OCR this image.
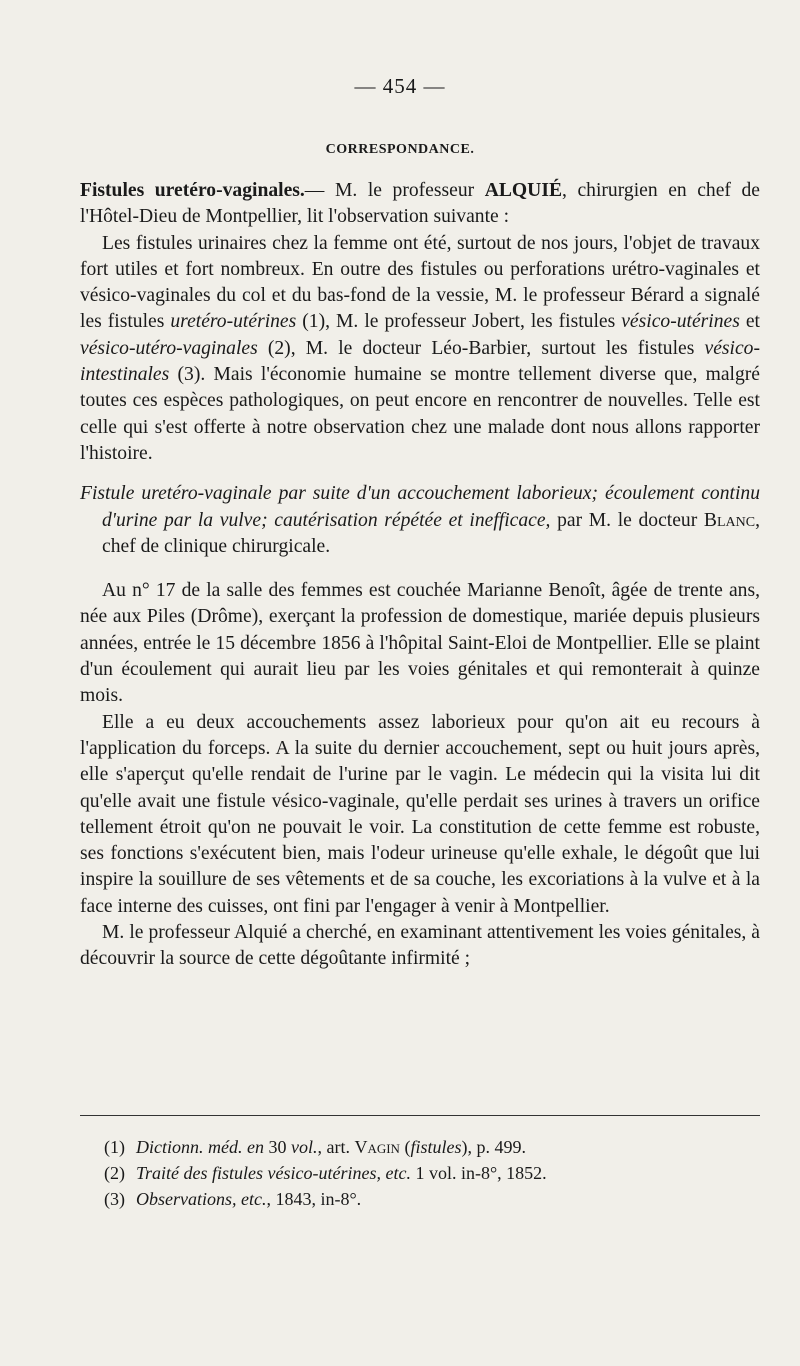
— 454 —
CORRESPONDANCE.

Fistules uretéro-vaginales.— M. le professeur ALQUIÉ, chirurgien en chef de l'Hôtel-Dieu de Montpellier, lit l'observation suivante :

Les fistules urinaires chez la femme ont été, surtout de nos jours, l'objet de travaux fort utiles et fort nombreux. En outre des fistules ou perforations urétro-vaginales et vésico-vaginales du col et du bas-fond de la vessie, M. le professeur Bérard a signalé les fistules uretéro-utérines (1), M. le professeur Jobert, les fistules vésico-utérines et vésico-utéro-vaginales (2), M. le docteur Léo-Barbier, surtout les fistules vésico-intestinales (3). Mais l'économie humaine se montre tellement diverse que, malgré toutes ces espèces pathologiques, on peut encore en rencontrer de nouvelles. Telle est celle qui s'est offerte à notre observation chez une malade dont nous allons rapporter l'histoire.

Fistule uretéro-vaginale par suite d'un accouchement laborieux; écoulement continu d'urine par la vulve; cautérisation répétée et inefficace, par M. le docteur Blanc, chef de clinique chirurgicale.

Au n° 17 de la salle des femmes est couchée Marianne Benoît, âgée de trente ans, née aux Piles (Drôme), exerçant la profession de domestique, mariée depuis plusieurs années, entrée le 15 décembre 1856 à l'hôpital Saint-Eloi de Montpellier. Elle se plaint d'un écoulement qui aurait lieu par les voies génitales et qui remonterait à quinze mois.

Elle a eu deux accouchements assez laborieux pour qu'on ait eu recours à l'application du forceps. A la suite du dernier accouchement, sept ou huit jours après, elle s'aperçut qu'elle rendait de l'urine par le vagin. Le médecin qui la visita lui dit qu'elle avait une fistule vésico-vaginale, qu'elle perdait ses urines à travers un orifice tellement étroit qu'on ne pouvait le voir. La constitution de cette femme est robuste, ses fonctions s'exécutent bien, mais l'odeur urineuse qu'elle exhale, le dégoût que lui inspire la souillure de ses vêtements et de sa couche, les excoriations à la vulve et à la face interne des cuisses, ont fini par l'engager à venir à Montpellier.

M. le professeur Alquié a cherché, en examinant attentivement les voies génitales, à découvrir la source de cette dégoûtante infirmité ;

(1) Dictionn. méd. en 30 vol., art. Vagin (fistules), p. 499.
(2) Traité des fistules vésico-utérines, etc. 1 vol. in-8°, 1852.
(3) Observations, etc., 1843, in-8°.
